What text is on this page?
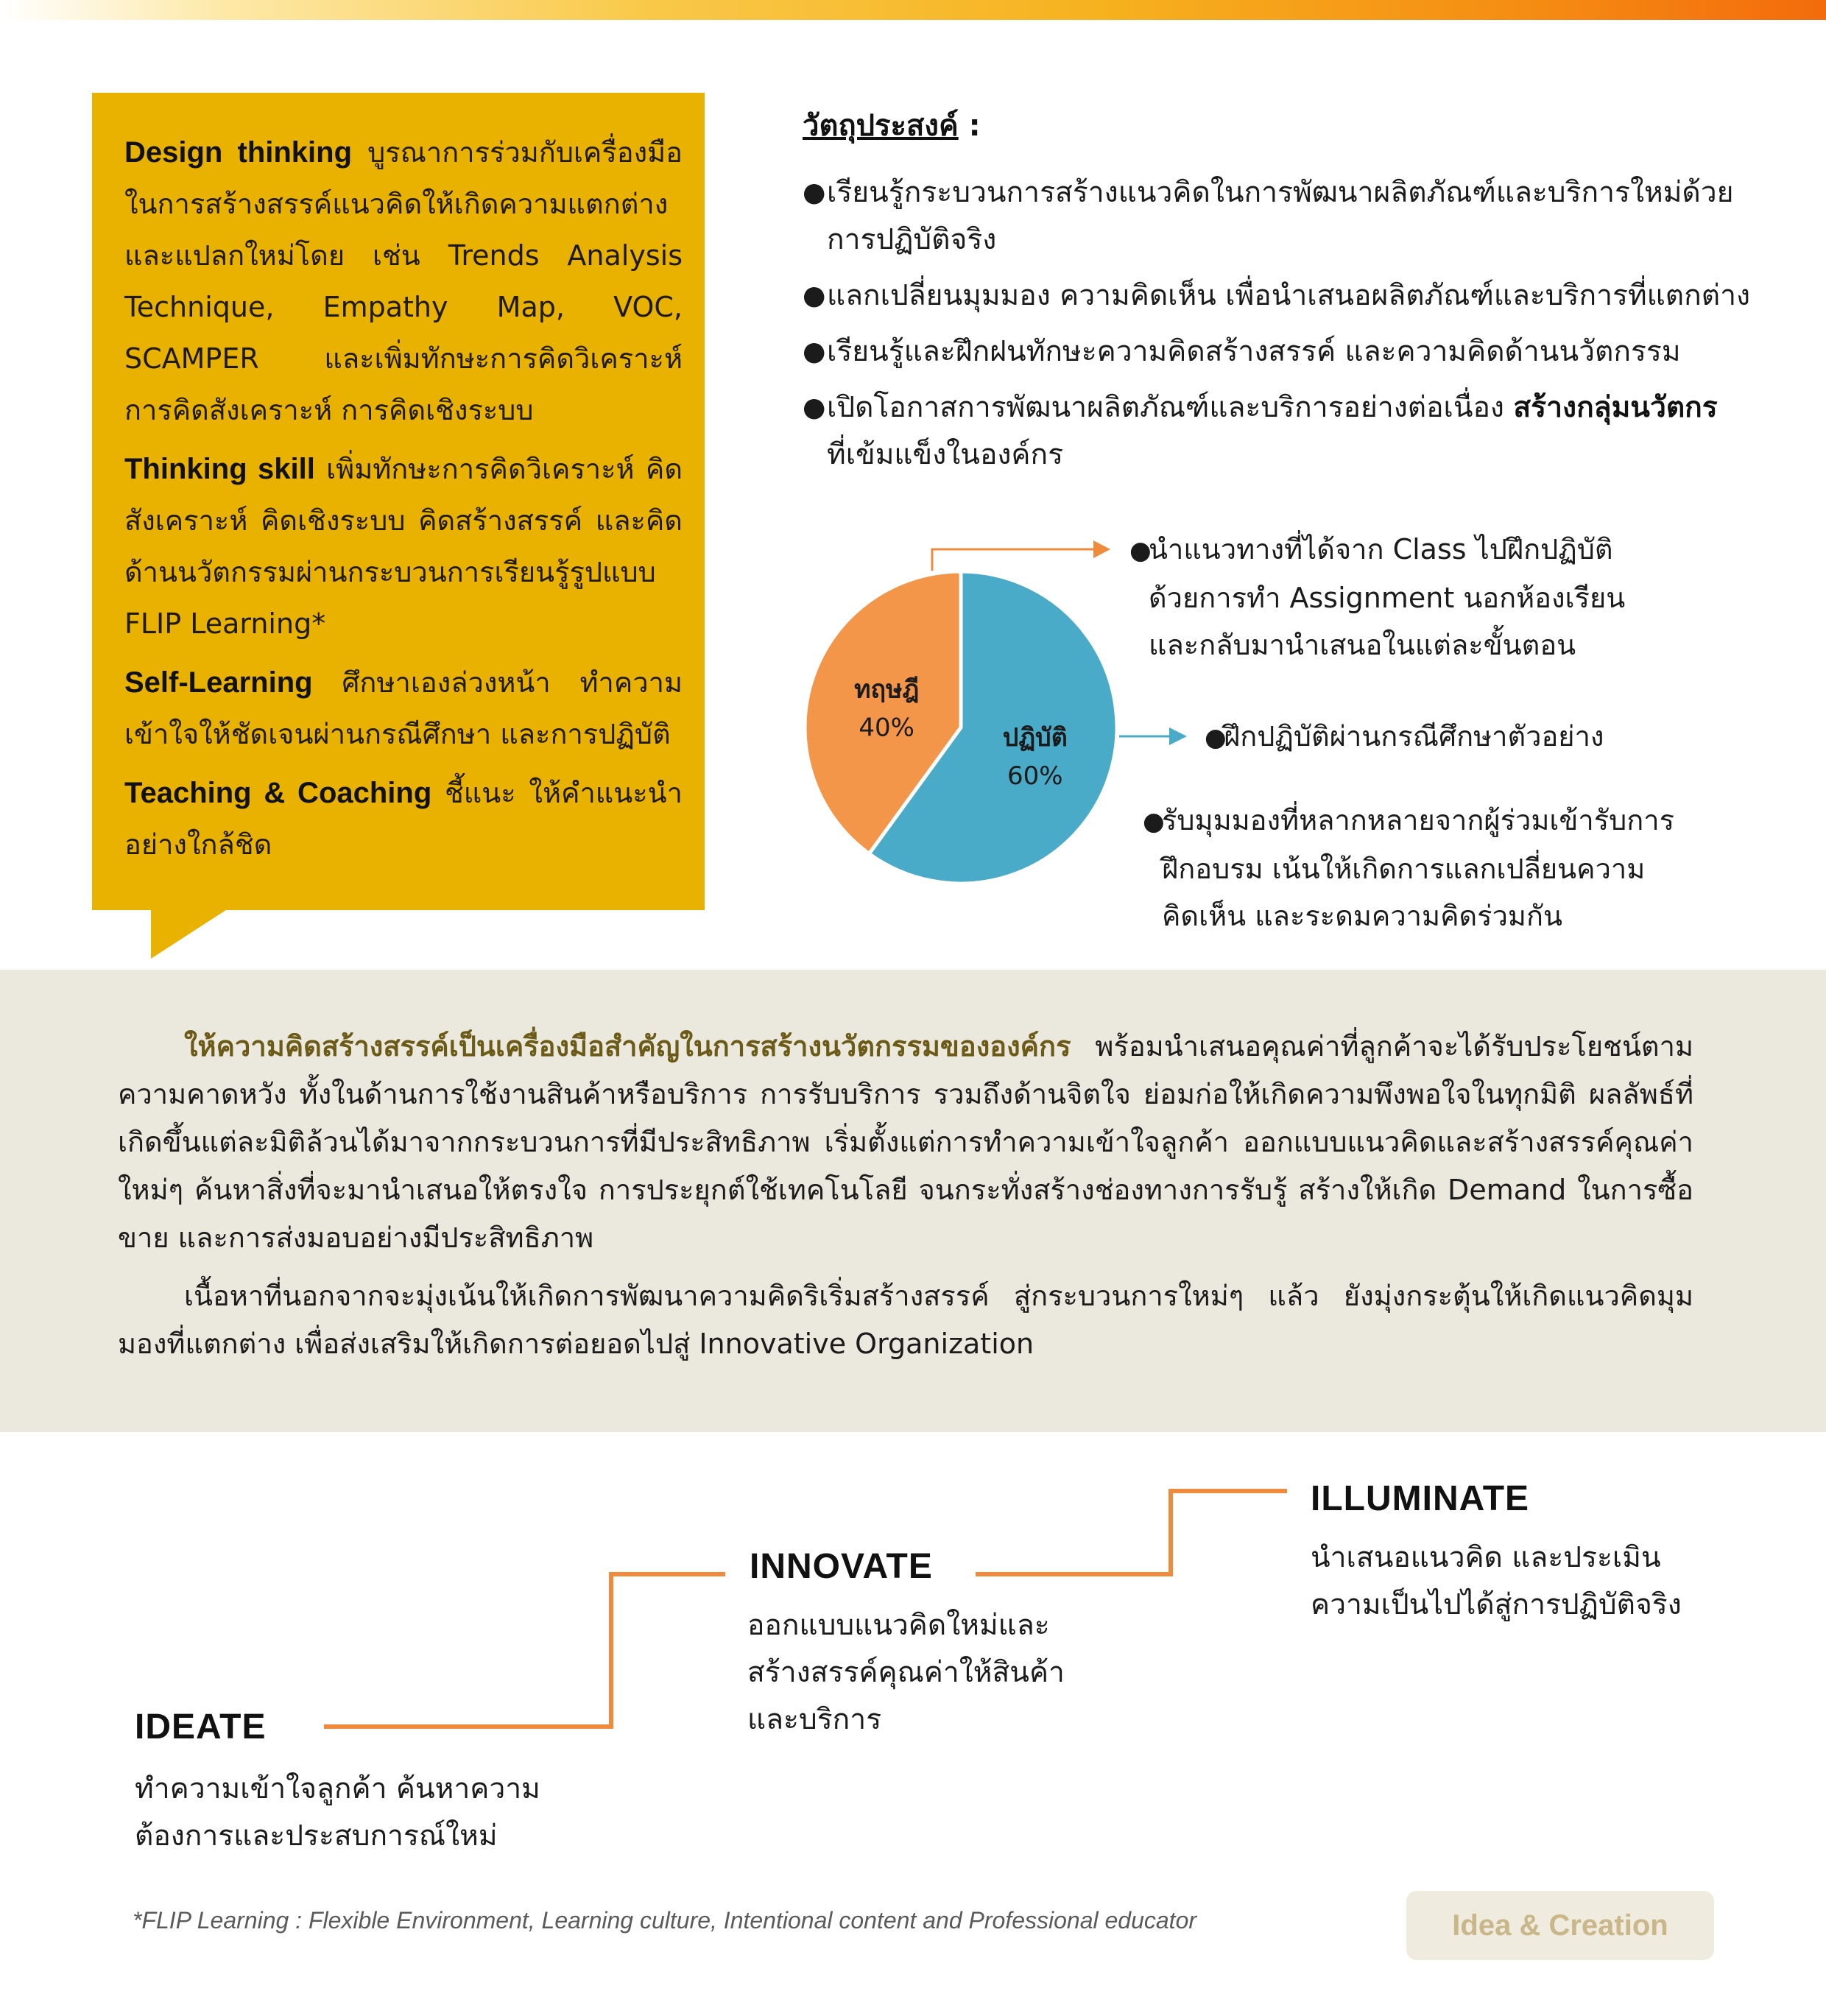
Design thinking บูรณาการร่วมกับเครื่องมือในการสร้างสรรค์แนวคิดให้เกิดความแตกต่าง และแปลกใหม่โดย เช่น Trends Analysis Technique, Empathy Map, VOC, SCAMPER และเพิ่มทักษะการคิดวิเคราะห์ การคิดสังเคราะห์ การคิดเชิงระบบ

Thinking skill เพิ่มทักษะการคิดวิเคราะห์ คิดสังเคราะห์ คิดเชิงระบบ คิดสร้างสรรค์ และคิดด้านนวัตกรรมผ่านกระบวนการเรียนรู้รูปแบบ FLIP Learning*

Self-Learning ศึกษาเองล่วงหน้า ทำความเข้าใจให้ชัดเจนผ่านกรณีศึกษา และการปฏิบัติ

Teaching & Coaching ชี้แนะ ให้คำแนะนำอย่างใกล้ชิด

วัตถุประสงค์ :
● เรียนรู้กระบวนการสร้างแนวคิดในการพัฒนาผลิตภัณฑ์และบริการใหม่ด้วยการปฏิบัติจริง
● แลกเปลี่ยนมุมมอง ความคิดเห็น เพื่อนำเสนอผลิตภัณฑ์และบริการที่แตกต่าง
● เรียนรู้และฝึกฝนทักษะความคิดสร้างสรรค์ และความคิดด้านนวัตกรรม
● เปิดโอกาสการพัฒนาผลิตภัณฑ์และบริการอย่างต่อเนื่อง สร้างกลุ่มนวัตกร
ที่เข้มแข็งในองค์กร
ปฏิบัติ
60%
ทฤษฎี
40%
●นำแนวทางที่ได้จาก Class ไปฝึกปฏิบัติ
ด้วยการทำ Assignment นอกห้องเรียน
และกลับมานำเสนอในแต่ละขั้นตอน
●ฝึกปฏิบัติผ่านกรณีศึกษาตัวอย่าง
●รับมุมมองที่หลากหลายจากผู้ร่วมเข้ารับการ
ฝึกอบรม เน้นให้เกิดการแลกเปลี่ยนความ
คิดเห็น และระดมความคิดร่วมกัน

ให้ความคิดสร้างสรรค์เป็นเครื่องมือสำคัญในการสร้างนวัตกรรมขององค์กร พร้อมนำเสนอคุณค่าที่ลูกค้าจะได้รับประโยชน์ตามความคาดหวัง ทั้งในด้านการใช้งานสินค้าหรือบริการ การรับบริการ รวมถึงด้านจิตใจ ย่อมก่อให้เกิดความพึงพอใจในทุกมิติ ผลลัพธ์ที่เกิดขึ้นแต่ละมิติล้วนได้มาจากกระบวนการที่มีประสิทธิภาพ เริ่มตั้งแต่การทำความเข้าใจลูกค้า ออกแบบแนวคิดและสร้างสรรค์คุณค่าใหม่ๆ ค้นหาสิ่งที่จะมานำเสนอให้ตรงใจ การประยุกต์ใช้เทคโนโลยี จนกระทั่งสร้างช่องทางการรับรู้ สร้างให้เกิด Demand ในการซื้อขาย และการส่งมอบอย่างมีประสิทธิภาพ

เนื้อหาที่นอกจากจะมุ่งเน้นให้เกิดการพัฒนาความคิดริเริ่มสร้างสรรค์ สู่กระบวนการใหม่ๆ แล้ว ยังมุ่งกระตุ้นให้เกิดแนวคิดมุมมองที่แตกต่าง เพื่อส่งเสริมให้เกิดการต่อยอดไปสู่ Innovative Organization

IDEATE
ทำความเข้าใจลูกค้า ค้นหาความ
ต้องการและประสบการณ์ใหม่
INNOVATE
ออกแบบแนวคิดใหม่และ
สร้างสรรค์คุณค่าให้สินค้า
และบริการ
ILLUMINATE
นำเสนอแนวคิด และประเมิน
ความเป็นไปได้สู่การปฏิบัติจริง
*FLIP Learning : Flexible Environment, Learning culture, Intentional content and Professional educator	Idea & Creation
